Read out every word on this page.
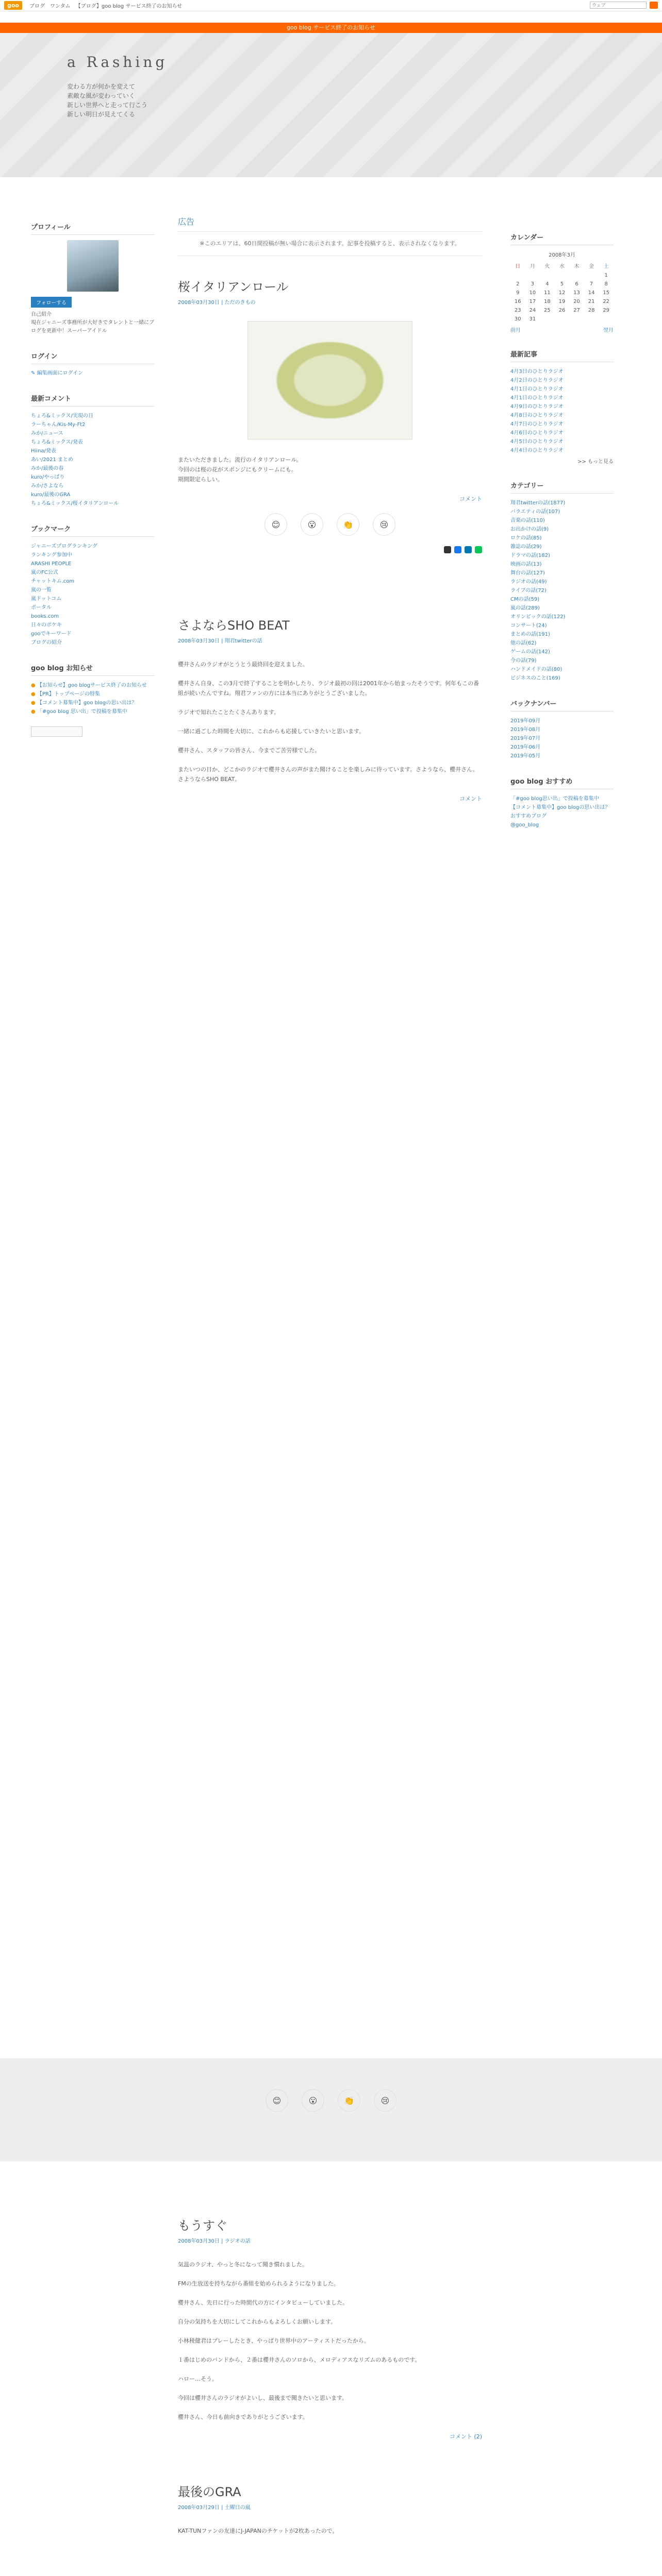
goo	ブログ ワンタム 【ブログ】goo blog サービス終了のお知らせ
ウェブ
goo blog サービス終了のお知らせ
a Rashing
変わる方が何かを変えて
素敵な風が変わっていく
新しい世界へと走って行こう
新しい明日が見えてくる
プロフィール
フォローする
自己紹介
現在ジャニーズ事務所が大好きでタレントと一緒にブログを更新中！スーパーアイドル
ログイン
✎ 編集画面にログイン
最新コメント
ちょろ&ミックス/実現の日
ラーちゃん/Kis-My-Ft2
みか/ニュース
ちょろ&ミックス/発表
Hiina/発表
あい/2021 まとめ
みか/最後の春
kuro/やっぱり
みか/さよなら
kuro/最後のGRA
ちょろ&ミックス/桜イタリアンロール
ブックマーク
ジャニーズプログランキング
ランキング参加中
ARASHI PEOPLE
嵐のFC公式
チャットキム.com
嵐の一覧
嵐ドットコム
ポータル
books.com
日々のポケキ
gooでキーワード
ブログの紹介
goo blog お知らせ
● 【お知らせ】goo blogサービス終了のお知らせ
● 【PR】トップページの特集
● 【コメント募集中】goo blogの思い出は？
● 「#goo blog 思い出」で投稿を募集中
広告
※このエリアは、60日間投稿が無い場合に表示されます。記事を投稿すると、表示されなくなります。
桜イタリアンロール
2008年03月30日 | ただのきもの
またいただきました。流行のイタリアンロール。
今回のは桜の花がスポンジにもクリームにも。
期間限定らしい。
コメント
😊	😮	👏	😢
さよならSHO BEAT
2008年03月30日 | 翔君twitterの話

櫻井さんのラジオがとうとう最終回を迎えました。

櫻井さん自身、この3月で終了することを明かしたり、ラジオ最初の回は2001年から始まったそうです。何年もこの番組が続いたんですね。翔君ファンの方には本当にありがとうございました。

ラジオで知れたことたくさんあります。

一緒に過ごした時間を大切に、これからも応援していきたいと思います。

櫻井さん、スタッフの皆さん、今までご苦労様でした。

またいつの日か、どこかのラジオで櫻井さんの声がまた聞けることを楽しみに待っています。さようなら、櫻井さん。さようならSHO BEAT。

コメント
カレンダー
2008年3月
日	月	火	水	木	金	土
						1
2	3	4	5	6	7	8
9	10	11	12	13	14	15
16	17	18	19	20	21	22
23	24	25	26	27	28	29
30	31					
前月	翌月
最新記事
4月3日のひとりラジオ
4月2日のひとりラジオ
4月1日のひとりラジオ
4月1日のひとりラジオ
4月9日のひとりラジオ
4月8日のひとりラジオ
4月7日のひとりラジオ
4月6日のひとりラジオ
4月5日のひとりラジオ
4月4日のひとりラジオ
>> もっと見る
カテゴリー
翔君twitterの話(1877)
バラエティの話(107)
音楽の話(110)
お出かけの話(9)
ロケの話(85)
雑誌の話(29)
ドラマの話(182)
映画の話(13)
舞台の話(127)
ラジオの話(49)
ライブの話(72)
CMの話(59)
嵐の話(289)
オリンピックの話(122)
コンサート(24)
まとめの話(191)
他の話(62)
ゲームの話(142)
今の話(79)
ハンドメイドの話(80)
ビジネスのこと(169)
バックナンバー
2019年09月
2019年08月
2019年07月
2019年06月
2019年05月
goo blog おすすめ
「#goo blog思い出」で投稿を募集中
【コメント募集中】goo blogの思い出は？
おすすめブログ
@goo_blog
😊	😮	👏	😢
もうすぐ
2008年03月30日 | ラジオの話

気温のラジオ、やっと冬になって聞き慣れました。

FMの生放送を持ちながら番組を始められるようになりました。

櫻井さん、先日に行った時間代の方にインタビューしていました。

自分の気持ちを大切にしてこれからもよろしくお願いします。

小林稜健君はプレーしたとき、やっぱり世界中のアーティストだったから。

１番はじめのバンドから、２番は櫻井さんのソロから、メロディアスなリズムのあるものです。

ハロー…そう。

今回は櫻井さんのラジオがよいし、最後まで聞きたいと思います。

櫻井さん、今日も前向きでありがとうございます。

コメント (2)
最後のGRA
2008年03月29日 | 土曜日の嵐

KAT-TUNファンの友達にJ-JAPANのチケットが2枚あったので。
